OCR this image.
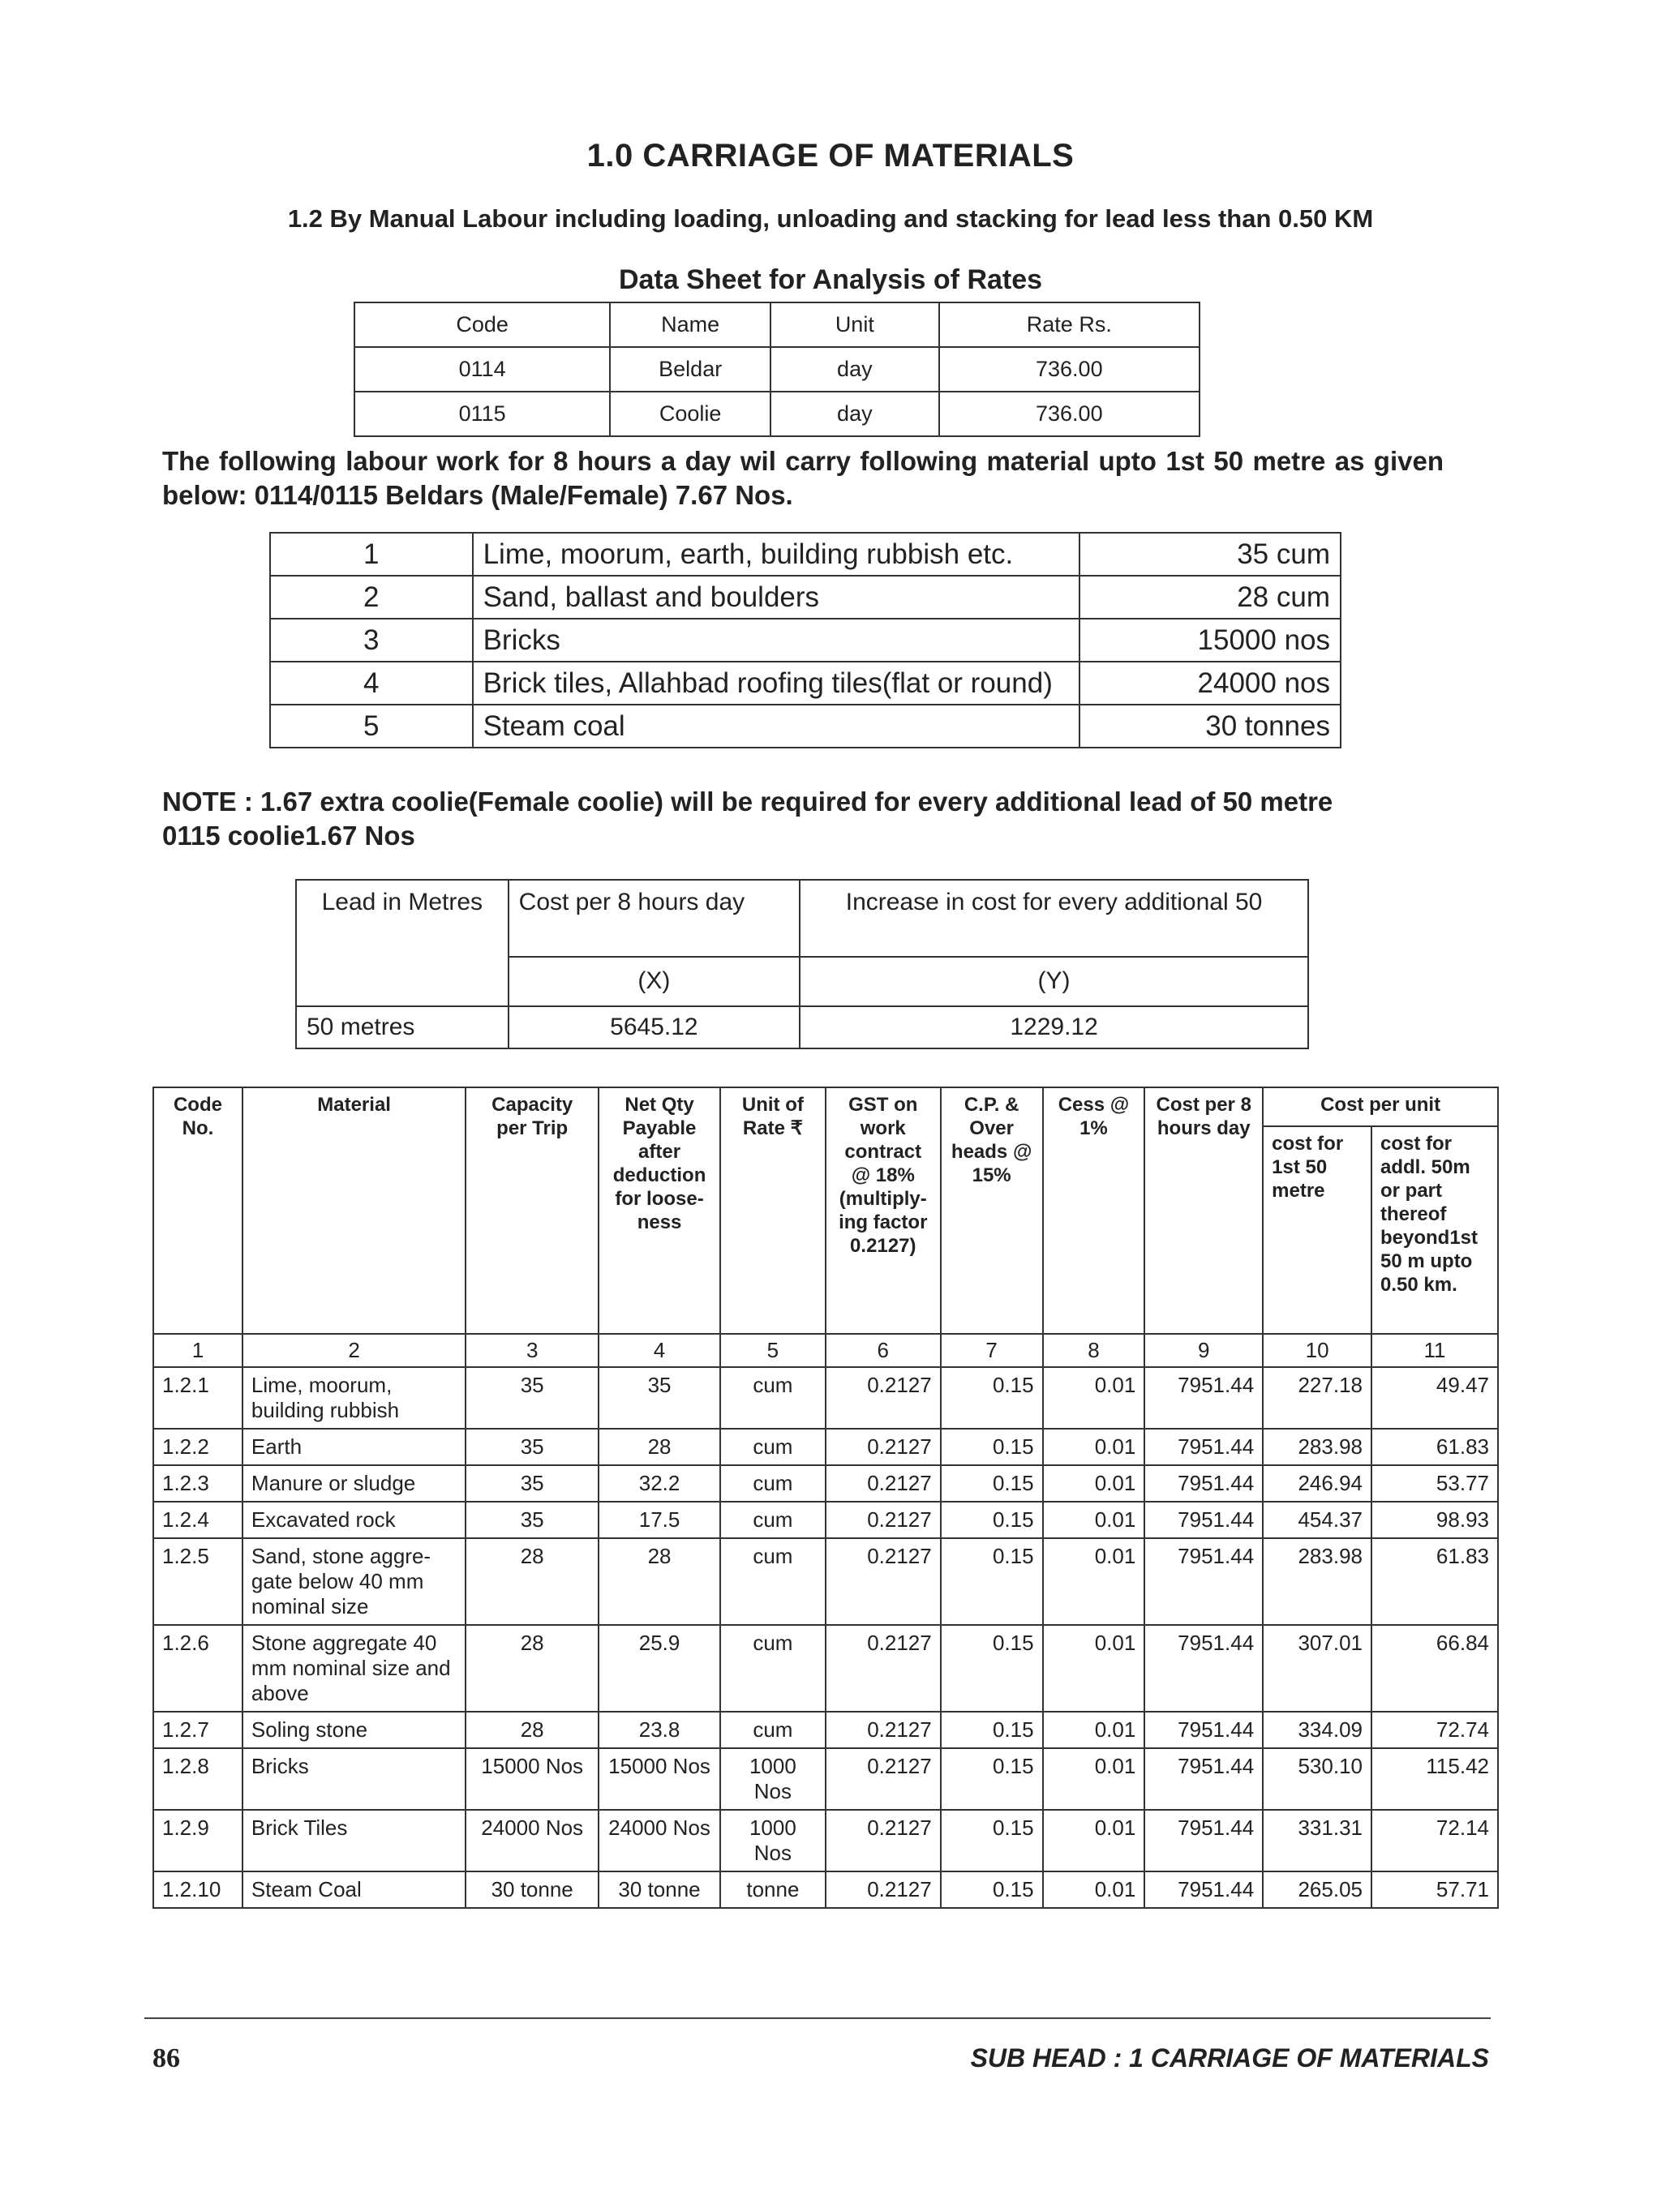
1.0 CARRIAGE OF MATERIALS
1.2 By Manual Labour including loading, unloading and stacking for lead less than 0.50 KM
Data Sheet for Analysis of Rates
Code	Name	Unit	Rate Rs.
0114	Beldar	day	736.00
0115	Coolie	day	736.00
The following labour work for 8 hours a day wil carry following material upto 1st 50 metre as given below: 0114/0115 Beldars (Male/Female) 7.67 Nos.
1	Lime, moorum, earth, building rubbish etc.	35 cum
2	Sand, ballast and boulders	28 cum
3	Bricks	15000 nos
4	Brick tiles, Allahbad roofing tiles(flat or round)	24000 nos
5	Steam coal	30 tonnes
NOTE : 1.67 extra coolie(Female coolie) will be required for every additional lead of 50 metre
0115 coolie1.67 Nos
Lead in Metres	Cost per 8 hours day	Increase in cost for every additional 50
	(X)	(Y)
50 metres	5645.12	1229.12
Code No.	Material	Capacity per Trip	Net Qty Payable after deduction for loose-ness	Unit of Rate ₹	GST on work contract @ 18% (multiply-ing factor 0.2127)	C.P. & Over heads @ 15%	Cess @ 1%	Cost per 8 hours day	Cost per unit	
									cost for 1st 50 metre	cost for addl. 50m or part thereof beyond1st 50 m upto 0.50 km.
1	2	3	4	5	6	7	8	9	10	11
1.2.1	Lime, moorum, building rubbish	35	35	cum	0.2127	0.15	0.01	7951.44	227.18	49.47
1.2.2	Earth	35	28	cum	0.2127	0.15	0.01	7951.44	283.98	61.83
1.2.3	Manure or sludge	35	32.2	cum	0.2127	0.15	0.01	7951.44	246.94	53.77
1.2.4	Excavated rock	35	17.5	cum	0.2127	0.15	0.01	7951.44	454.37	98.93
1.2.5	Sand, stone aggre-gate below 40 mm nominal size	28	28	cum	0.2127	0.15	0.01	7951.44	283.98	61.83
1.2.6	Stone aggregate 40 mm nominal size and above	28	25.9	cum	0.2127	0.15	0.01	7951.44	307.01	66.84
1.2.7	Soling stone	28	23.8	cum	0.2127	0.15	0.01	7951.44	334.09	72.74
1.2.8	Bricks	15000 Nos	15000 Nos	1000 Nos	0.2127	0.15	0.01	7951.44	530.10	115.42
1.2.9	Brick Tiles	24000 Nos	24000 Nos	1000 Nos	0.2127	0.15	0.01	7951.44	331.31	72.14
1.2.10	Steam Coal	30 tonne	30 tonne	tonne	0.2127	0.15	0.01	7951.44	265.05	57.71
86	SUB HEAD : 1 CARRIAGE OF MATERIALS
